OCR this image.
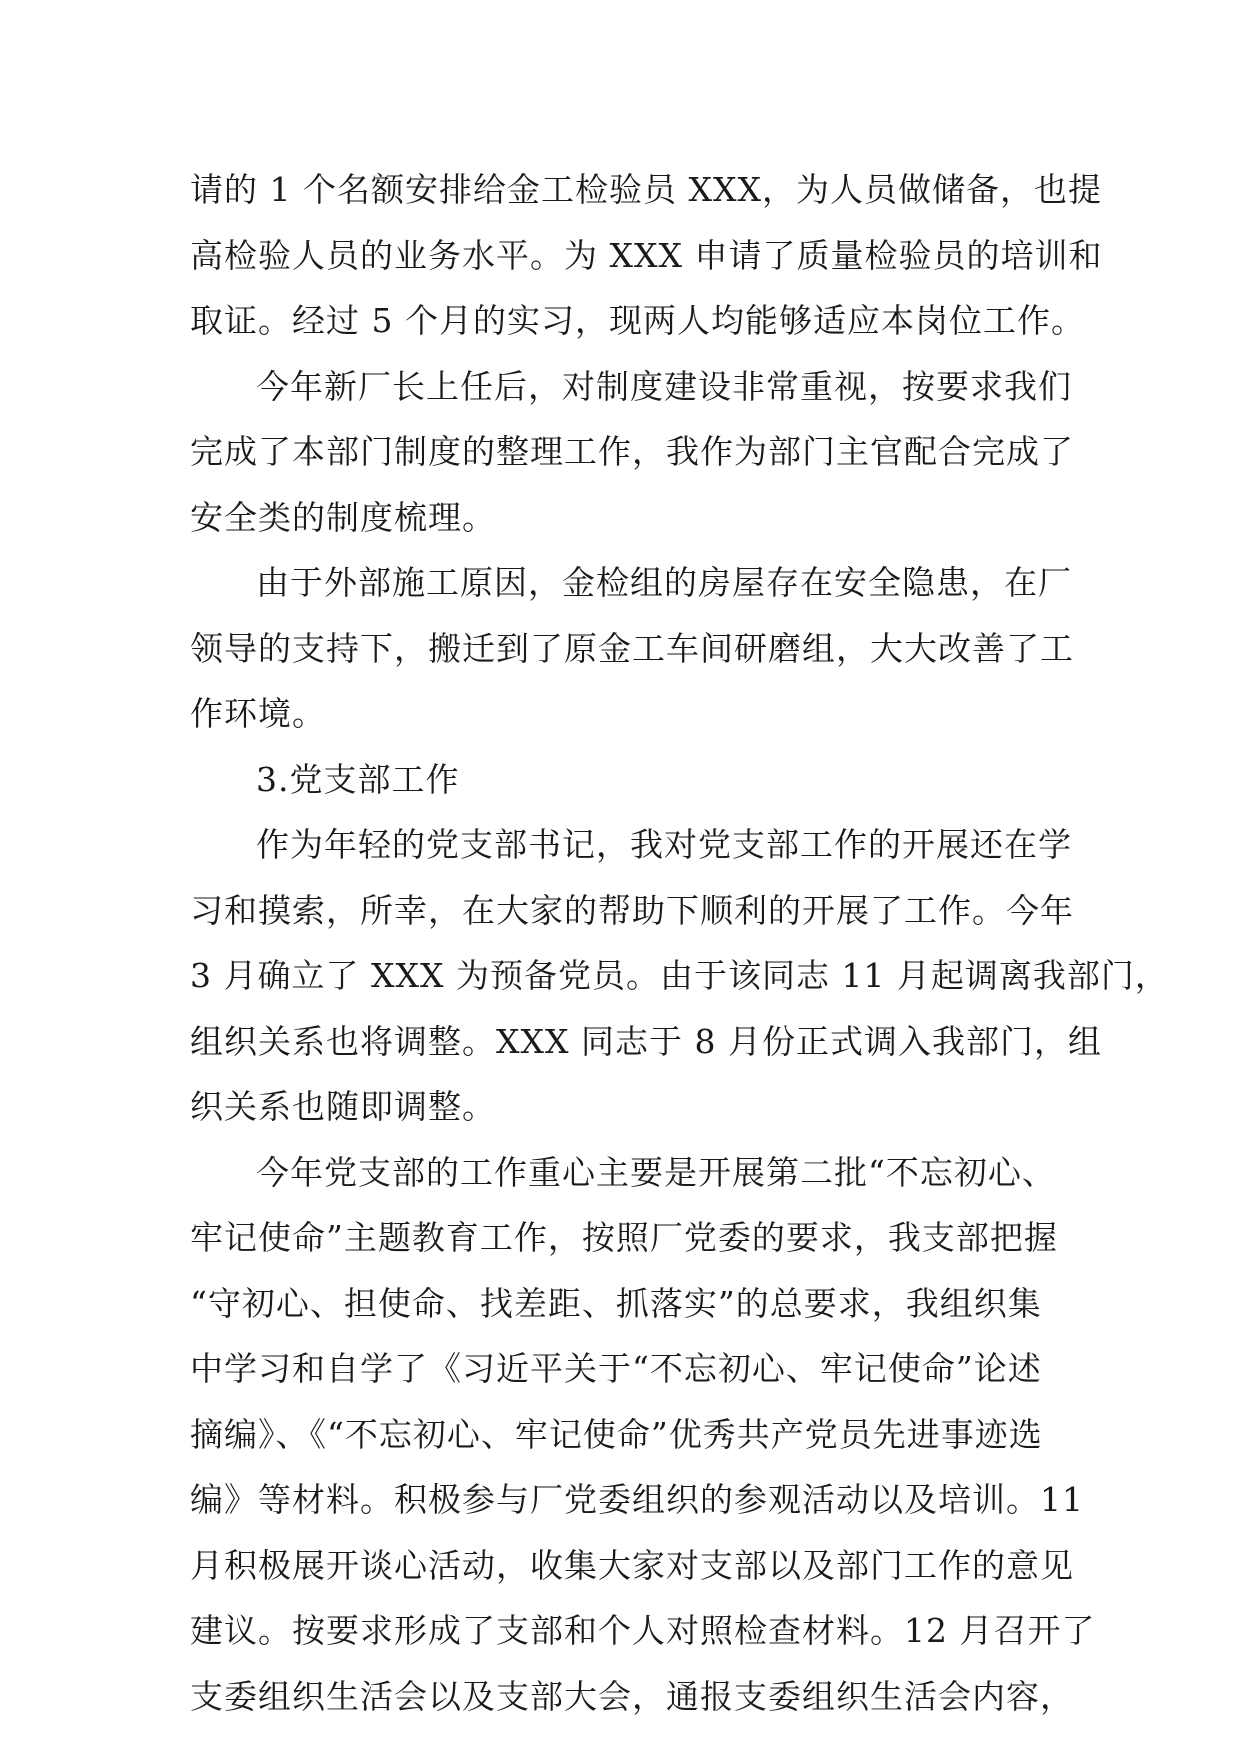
请的 1 个名额安排给金工检验员 XXX，为人员做储备，也提
高检验人员的业务水平。为 XXX 申请了质量检验员的培训和
取证。经过 5 个月的实习，现两人均能够适应本岗位工作。
今年新厂长上任后，对制度建设非常重视，按要求我们
完成了本部门制度的整理工作，我作为部门主官配合完成了
安全类的制度梳理。
由于外部施工原因，金检组的房屋存在安全隐患，在厂
领导的支持下，搬迁到了原金工车间研磨组，大大改善了工
作环境。
3.党支部工作
作为年轻的党支部书记，我对党支部工作的开展还在学
习和摸索，所幸，在大家的帮助下顺利的开展了工作。今年
3 月确立了 XXX 为预备党员。由于该同志 11 月起调离我部门，
组织关系也将调整。XXX 同志于 8 月份正式调入我部门，组
织关系也随即调整。
今年党支部的工作重心主要是开展第二批“不忘初心、
牢记使命”主题教育工作，按照厂党委的要求，我支部把握
“守初心、担使命、找差距、抓落实”的总要求，我组织集
中学习和自学了《习近平关于“不忘初心、牢记使命”论述
摘编》、《“不忘初心、牢记使命”优秀共产党员先进事迹选
编》等材料。积极参与厂党委组织的参观活动以及培训。11
月积极展开谈心活动，收集大家对支部以及部门工作的意见
建议。按要求形成了支部和个人对照检查材料。12 月召开了
支委组织生活会以及支部大会，通报支委组织生活会内容，
